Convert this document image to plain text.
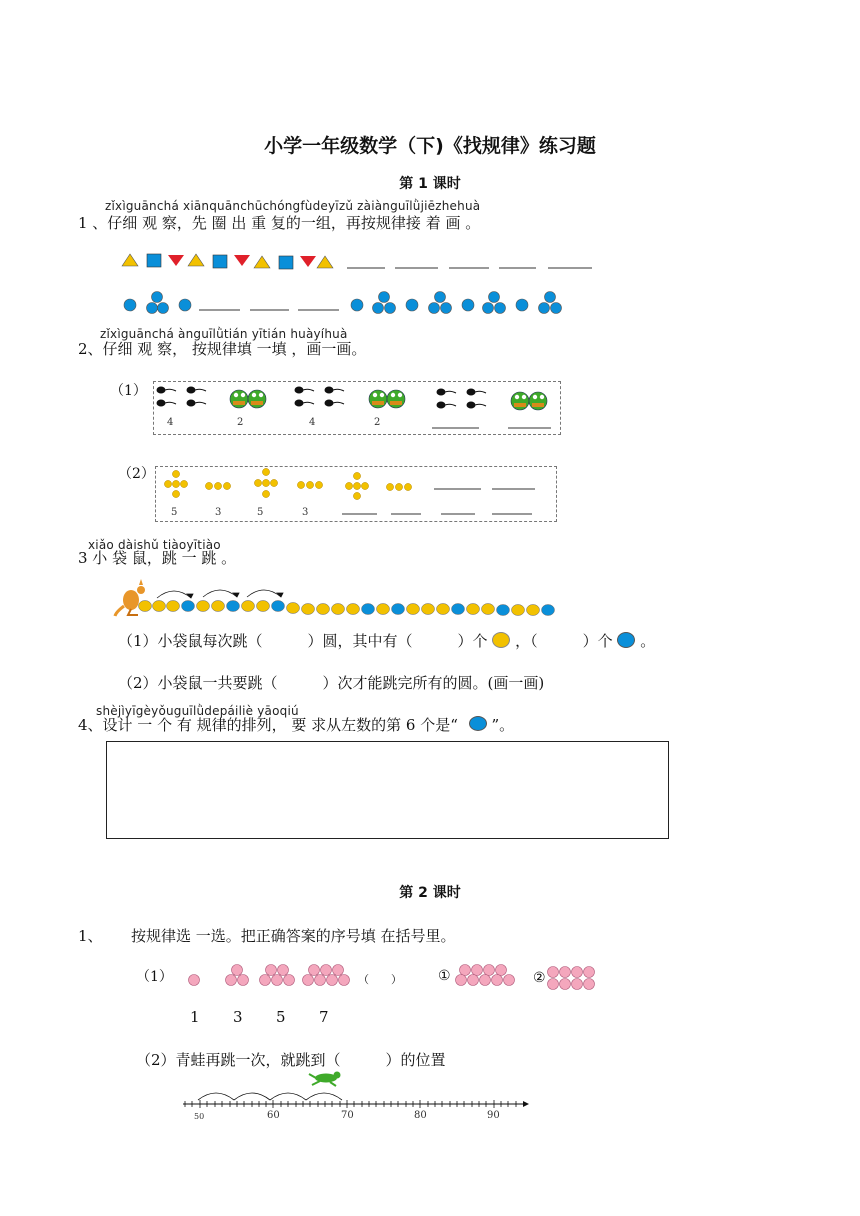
小学一年级数学（下)《找规律》练习题
第 1 课时
zǐxìguānchá xiānquānchūchóngfùdeyīzǔ zàiànguīlǜjiēzhehuà
1 、仔细 观 察，先 圈 出 重 复的一组，再按规律接 着 画 。
zǐxìguānchá ànguīlǜtián yītián huàyíhuà
2、仔细 观 察， 按规律填 一填 ，画一画。
（1）
4	2	4	2
（2）
5	3	5	3
xiǎo dàishǔ tiàoyītiào
3 小 袋 鼠，跳 一 跳 。
（1）小袋鼠每次跳（　　　）圆，其中有（　　　）个 ，（　　　）个 。
（2）小袋鼠一共要跳（　　　）次才能跳完所有的圆。(画一画)
shèjìyīgèyǒuguīlǜdepáiliè yāoqiú
4、设计 一 个 有 规律的排列， 要 求从左数的第 6 个是“ ”。
第 2 课时
1、 按规律选 一选。把正确答案的序号填 在括号里。
（1）	（　　）	①	②
1 3 5 7
（2）青蛙再跳一次，就跳到（　　　）的位置
50	60	70	80	90
